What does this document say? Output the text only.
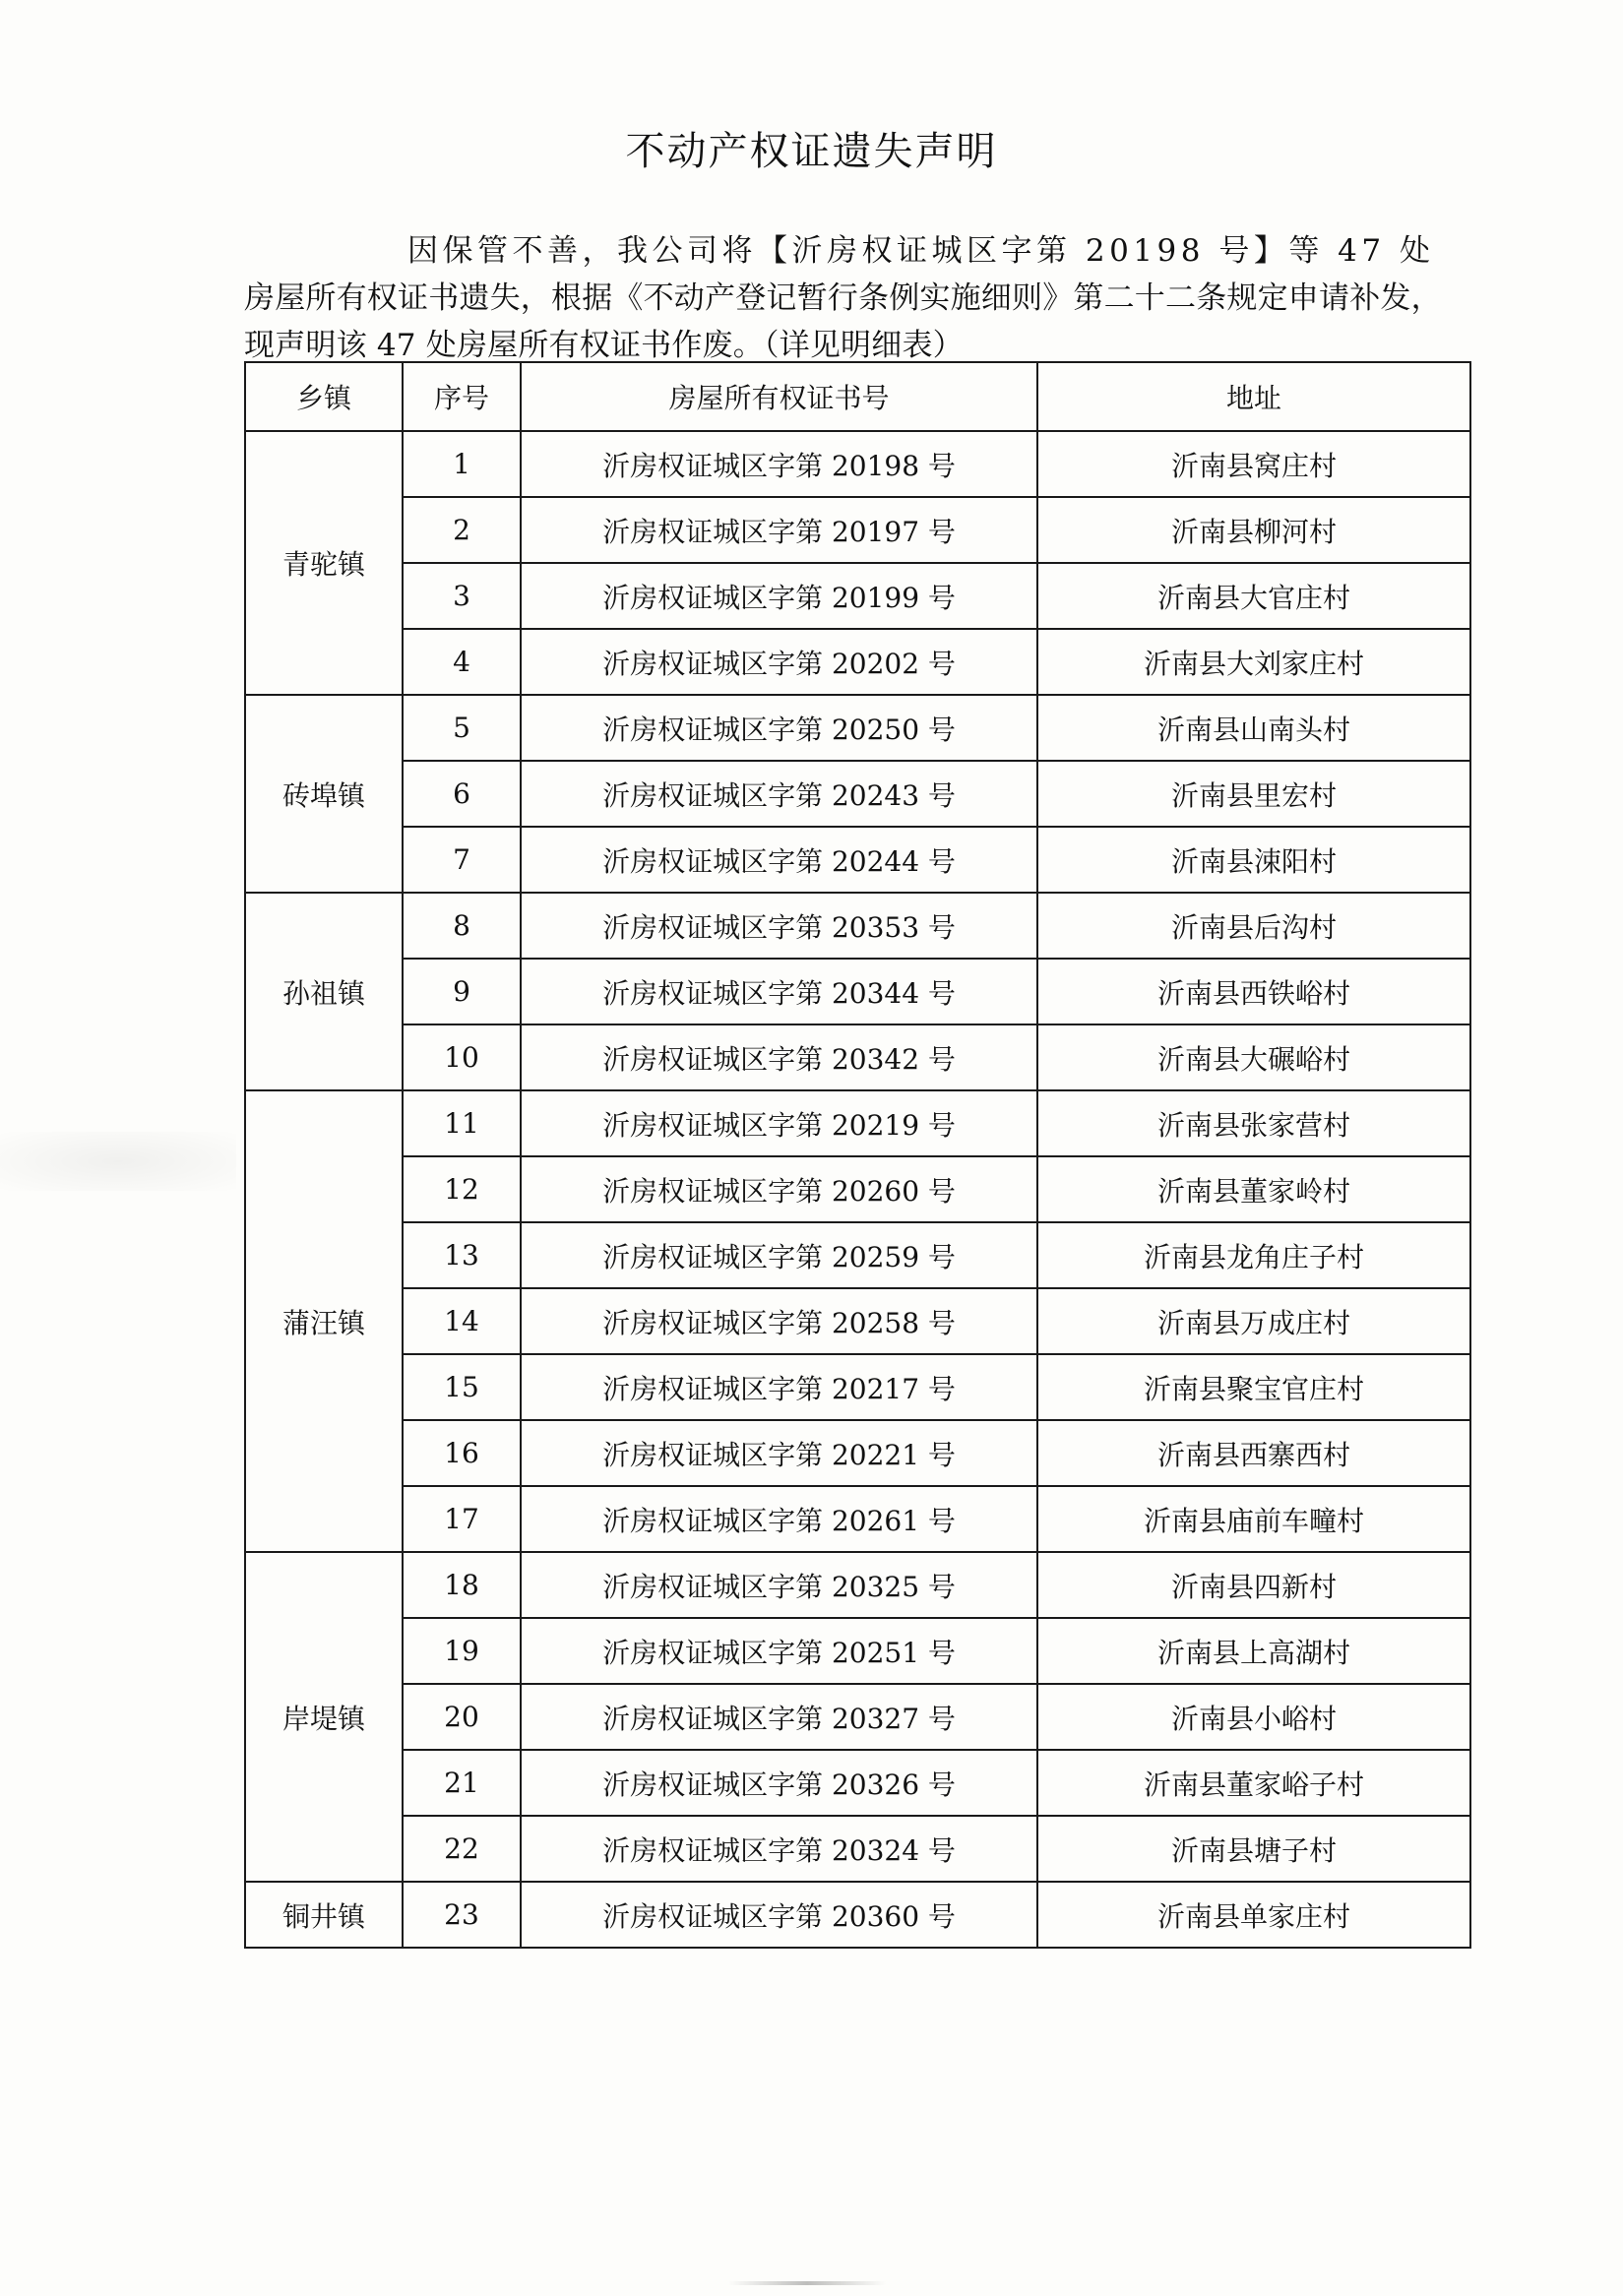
不动产权证遗失声明
因保管不善，我公司将【沂房权证城区字第 20198 号】等 47 处
房屋所有权证书遗失，根据《不动产登记暂行条例实施细则》第二十二条规定申请补发，
现声明该 47 处房屋所有权证书作废。（详见明细表）
乡镇	序号	房屋所有权证书号	地址
青驼镇	1	沂房权证城区字第 20198 号	沂南县窝庄村
	2	沂房权证城区字第 20197 号	沂南县柳河村
	3	沂房权证城区字第 20199 号	沂南县大官庄村
	4	沂房权证城区字第 20202 号	沂南县大刘家庄村
砖埠镇	5	沂房权证城区字第 20250 号	沂南县山南头村
	6	沂房权证城区字第 20243 号	沂南县里宏村
	7	沂房权证城区字第 20244 号	沂南县涑阳村
孙祖镇	8	沂房权证城区字第 20353 号	沂南县后沟村
	9	沂房权证城区字第 20344 号	沂南县西铁峪村
	10	沂房权证城区字第 20342 号	沂南县大碾峪村
蒲汪镇	11	沂房权证城区字第 20219 号	沂南县张家营村
	12	沂房权证城区字第 20260 号	沂南县董家岭村
	13	沂房权证城区字第 20259 号	沂南县龙角庄子村
	14	沂房权证城区字第 20258 号	沂南县万成庄村
	15	沂房权证城区字第 20217 号	沂南县聚宝官庄村
	16	沂房权证城区字第 20221 号	沂南县西寨西村
	17	沂房权证城区字第 20261 号	沂南县庙前车疃村
岸堤镇	18	沂房权证城区字第 20325 号	沂南县四新村
	19	沂房权证城区字第 20251 号	沂南县上高湖村
	20	沂房权证城区字第 20327 号	沂南县小峪村
	21	沂房权证城区字第 20326 号	沂南县董家峪子村
	22	沂房权证城区字第 20324 号	沂南县塘子村
铜井镇	23	沂房权证城区字第 20360 号	沂南县单家庄村
